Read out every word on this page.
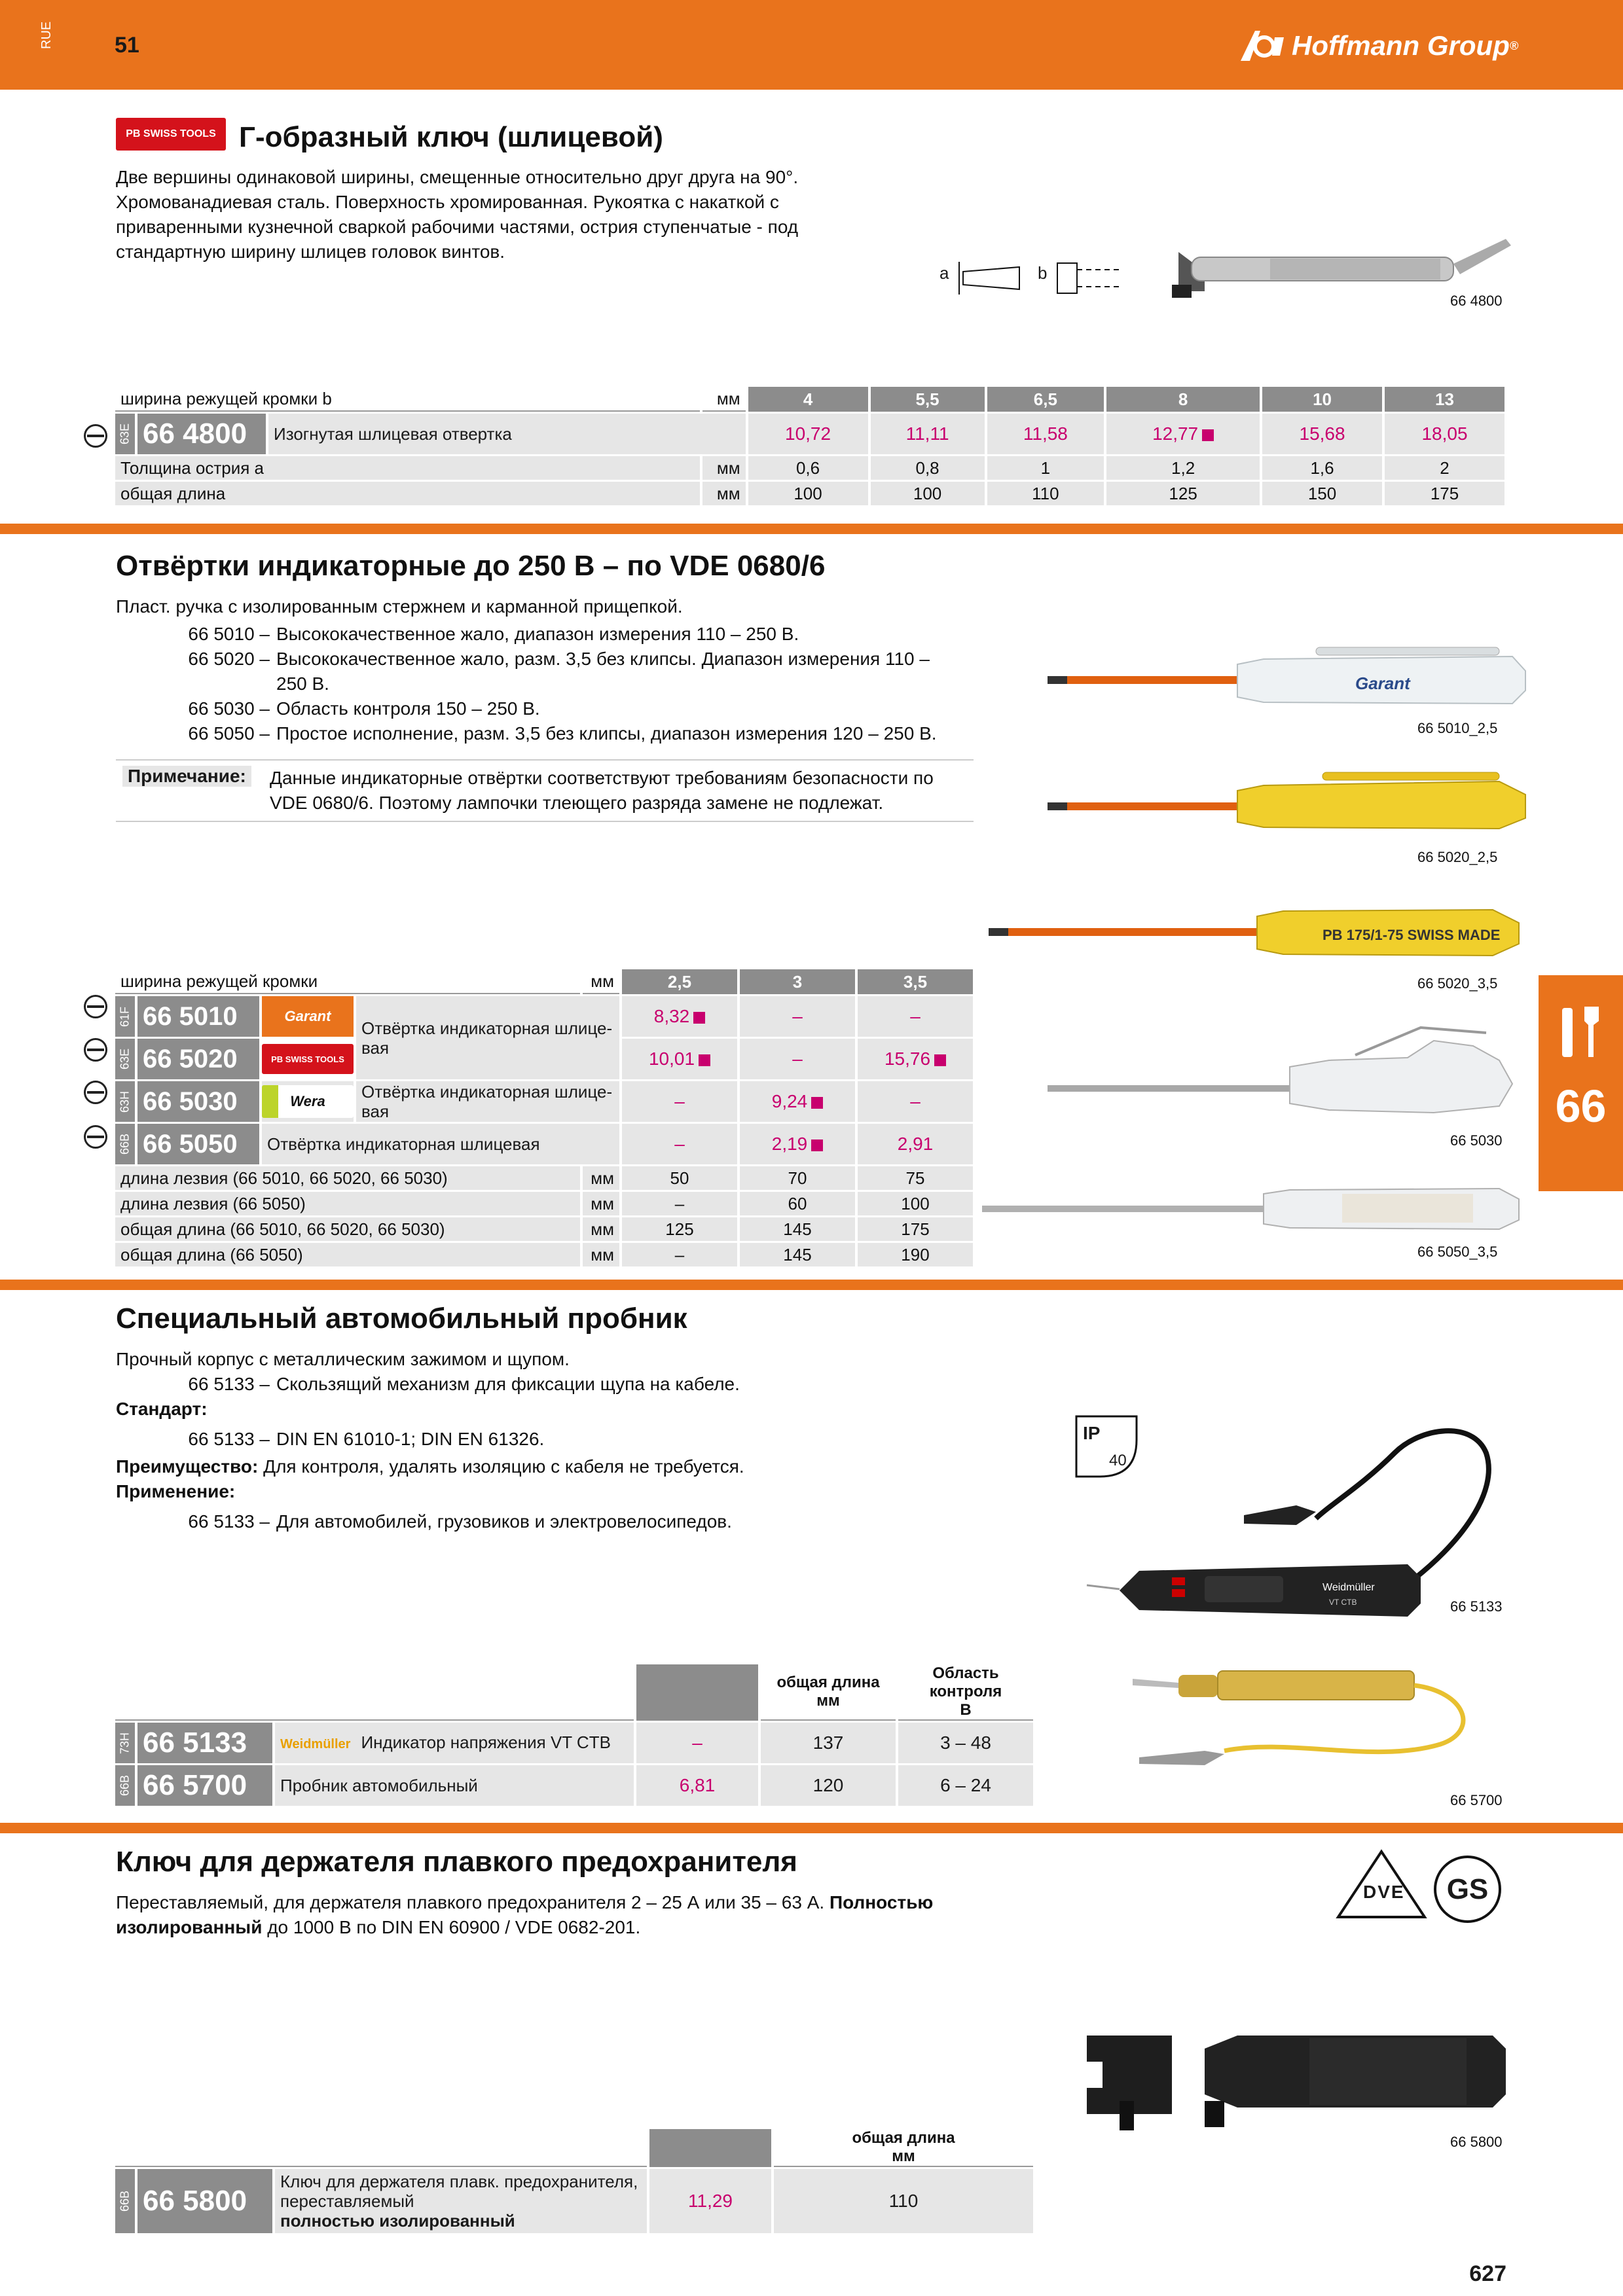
RUE	51	Hoffmann Group ®
PB SWISS TOOLS Г-образный ключ (шлицевой)
Две вершины одинаковой ширины, смещенные относительно друг друга на 90°.
Хромованадиевая сталь. Поверхность хромированная. Рукоятка с накаткой с
приваренными кузнечной сваркой рабочими частями, острия ступенчатые - под
стандартную ширину шлицев головок винтов.
a	b
66 4800
ширина режущей кромки b			мм	4	5,5	6,5	8	10	13
63E	66 4800	Изогнутая шлицевая отвертка		10,72	11,11	11,58	12,77	15,68	18,05
Толщина острия а			мм	0,6	0,8	1	1,2	1,6	2
общая длина			мм	100	100	110	125	150	175
Отвёртки индикаторные до 250 В – по VDE 0680/6
Пласт. ручка с изолированным стержнем и карманной прищепкой.
66 5010 – Высококачественное жало, диапазон измерения 110 – 250 В.
66 5020 – Высококачественное жало, разм. 3,5 без клипсы. Диапазон измерения 110 –
250 В.
66 5030 – Область контроля 150 – 250 В.
66 5050 – Простое исполнение, разм. 3,5 без клипсы, диапазон измерения 120 – 250 В.
Примечание: Данные индикаторные отвёртки соответствуют требованиям безопасности по
VDE 0680/6. Поэтому лампочки тлеющего разряда замене не подлежат.
Garant
66 5010_2,5
66 5020_2,5
PB 175/1-75 SWISS MADE
66 5020_3,5
66 5030
66 5050_3,5
ширина режущей кромки				мм	2,5	3	3,5
61F	66 5010	Garant	Отвёртка индикаторная шлице-
вая		8,32	–	–
63E	66 5020	PB SWISS TOOLS			10,01	–	15,76
63H	66 5030	Wera	Отвёртка индикаторная шлице-
вая		–	9,24	–
66B	66 5050	Отвёртка индикаторная шлицевая			–	2,19	2,91
длина лезвия (66 5010, 66 5020, 66 5030)				мм	50	70	75
длина лезвия (66 5050)				мм	–	60	100
общая длина (66 5010, 66 5020, 66 5030)				мм	125	145	175
общая длина (66 5050)				мм	–	145	190
66
Специальный автомобильный пробник
Прочный корпус с металлическим зажимом и щупом.
66 5133 – Скользящий механизм для фиксации щупа на кабеле.
Стандарт:
66 5133 – DIN EN 61010-1; DIN EN 61326.
Преимущество: Для контроля, удалять изоляцию с кабеля не требуется.
Применение:
66 5133 – Для автомобилей, грузовиков и электровелосипедов.
IP
40
Weidmüller
VT CTB	66 5133
66 5700
				общая длина
мм	Область контроля
В
73H	66 5133	Weidmüller Индикатор напряжения VT CTB	–	137	3 – 48
66B	66 5700	Пробник автомобильный	6,81	120	6 – 24
Ключ для держателя плавкого предохранителя
Переставляемый, для держателя плавкого предохранителя 2 – 25 А или 35 – 63 А. Полностью
изолированный до 1000 В по DIN EN 60900 / VDE 0682-201.
DVE GS
66 5800
				общая длина
мм
66B	66 5800	Ключ для держателя плавк. предохранителя,
переставляемый
полностью изолированный	11,29	110
627
